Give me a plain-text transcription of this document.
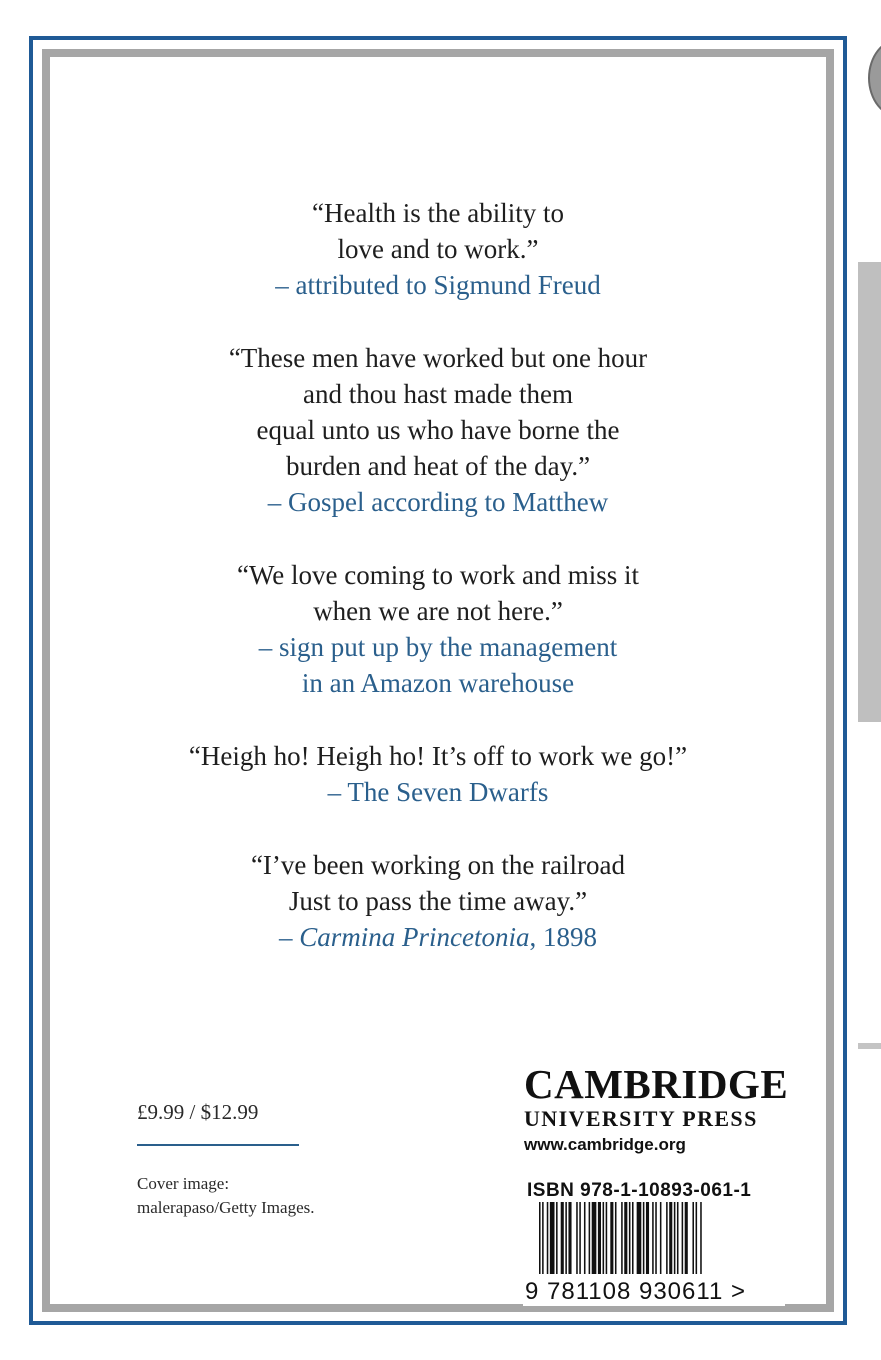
“Health is the ability to
love and to work.”
– attributed to Sigmund Freud
“These men have worked but one hour
and thou hast made them
equal unto us who have borne the
burden and heat of the day.”
– Gospel according to Matthew
“We love coming to work and miss it
when we are not here.”
– sign put up by the management
in an Amazon warehouse
“Heigh ho! Heigh ho! It’s off to work we go!”
– The Seven Dwarfs
“I’ve been working on the railroad
Just to pass the time away.”
– Carmina Princetonia, 1898
£9.99 / $12.99
Cover image:
malerapaso/Getty Images.
CAMBRIDGE
UNIVERSITY PRESS
www.cambridge.org
ISBN 978-1-10893-061-1
9 781108 930611 >
